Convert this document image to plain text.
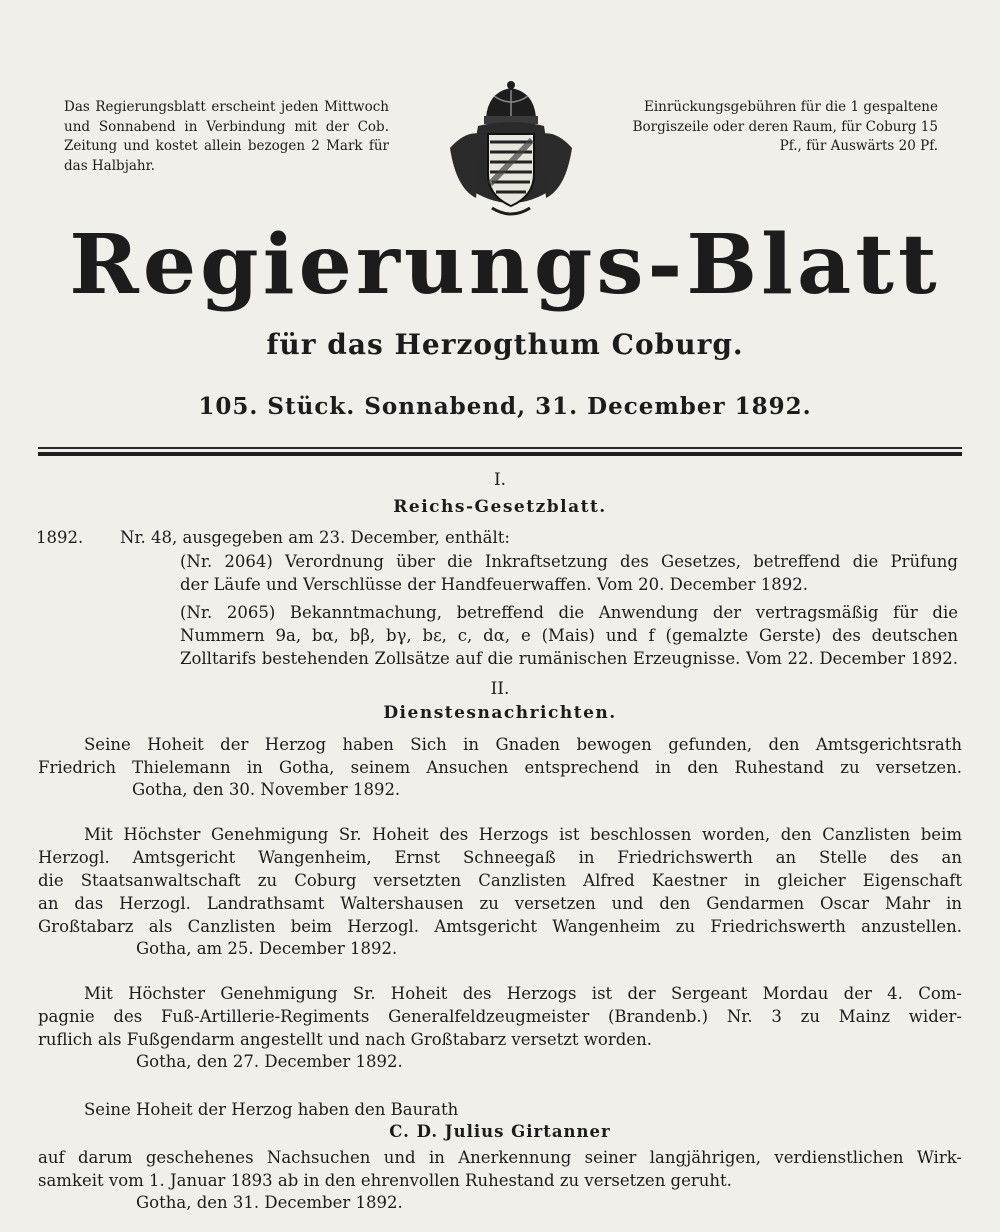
Das Regierungsblatt erscheint jeden Mittwoch und Sonnabend in Verbindung mit der Cob. Zeitung und kostet allein bezogen 2 Mark für das Halbjahr.
Einrückungsgebühren für die 1 gespaltene Borgiszeile oder deren Raum, für Coburg 15 Pf., für Auswärts 20 Pf.
Regierungs-Blatt
für das Herzogthum Coburg.
105. Stück. Sonnabend, 31. December 1892.
I.
Reichs-Gesetzblatt.
1892.	Nr. 48, ausgegeben am 23. December, enthält:
(Nr. 2064) Verordnung über die Inkraftsetzung des Gesetzes, betreffend die Prüfung
der Läufe und Verschlüsse der Handfeuerwaffen. Vom 20. December 1892.
(Nr. 2065) Bekanntmachung, betreffend die Anwendung der vertragsmäßig für die
Nummern 9a, bα, bβ, bγ, bε, c, dα, e (Mais) und f (gemalzte Gerste) des deutschen
Zolltarifs bestehenden Zollsätze auf die rumänischen Erzeugnisse. Vom 22. December 1892.
II.
Dienstesnachrichten.
Seine Hoheit der Herzog haben Sich in Gnaden bewogen gefunden, den Amtsgerichtsrath
Friedrich Thielemann in Gotha, seinem Ansuchen entsprechend in den Ruhestand zu versetzen.
Gotha, den 30. November 1892.
Mit Höchster Genehmigung Sr. Hoheit des Herzogs ist beschlossen worden, den Canzlisten beim
Herzogl. Amtsgericht Wangenheim, Ernst Schneegaß in Friedrichswerth an Stelle des an
die Staatsanwaltschaft zu Coburg versetzten Canzlisten Alfred Kaestner in gleicher Eigenschaft
an das Herzogl. Landrathsamt Waltershausen zu versetzen und den Gendarmen Oscar Mahr in
Großtabarz als Canzlisten beim Herzogl. Amtsgericht Wangenheim zu Friedrichswerth anzustellen.
Gotha, am 25. December 1892.
Mit Höchster Genehmigung Sr. Hoheit des Herzogs ist der Sergeant Mordau der 4. Com-
pagnie des Fuß-Artillerie-Regiments Generalfeldzeugmeister (Brandenb.) Nr. 3 zu Mainz wider-
ruflich als Fußgendarm angestellt und nach Großtabarz versetzt worden.
Gotha, den 27. December 1892.
Seine Hoheit der Herzog haben den Baurath
C. D. Julius Girtanner
auf darum geschehenes Nachsuchen und in Anerkennung seiner langjährigen, verdienstlichen Wirk-
samkeit vom 1. Januar 1893 ab in den ehrenvollen Ruhestand zu versetzen geruht.
Gotha, den 31. December 1892.
